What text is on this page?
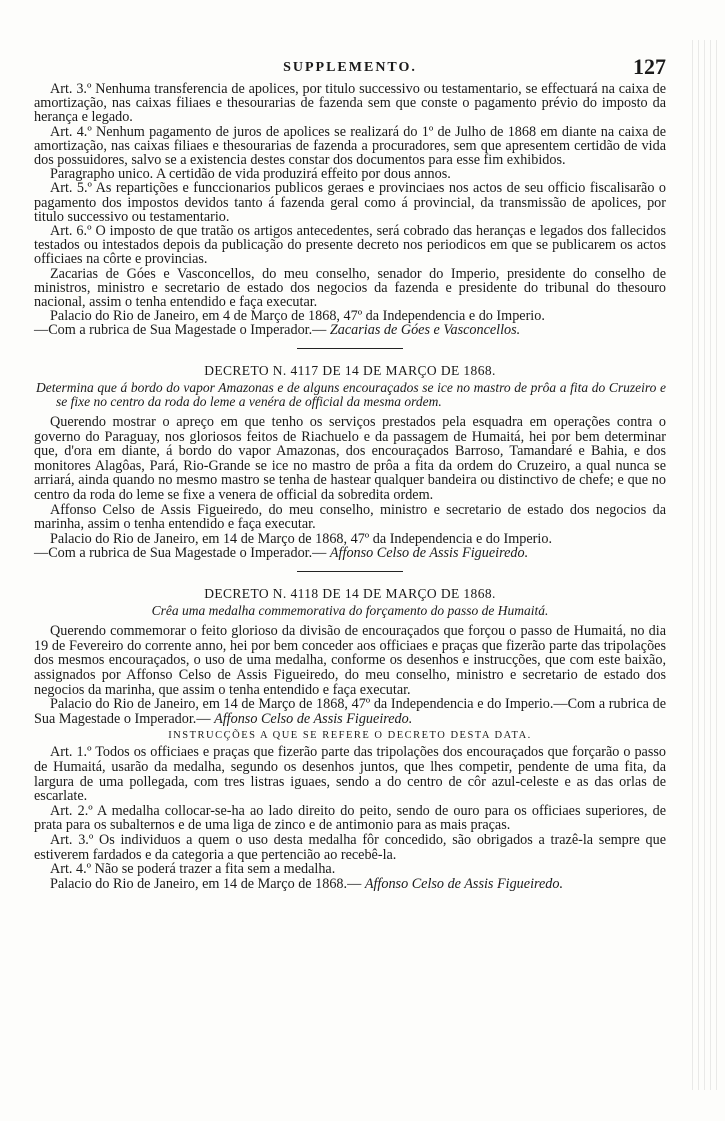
SUPPLEMENTO.	127

Art. 3.º Nenhuma transferencia de apolices, por titulo successivo ou testamentario, se effectuará na caixa de amortização, nas caixas filiaes e thesourarias de fazenda sem que conste o pagamento prévio do imposto da herança e legado.

Art. 4.º Nenhum pagamento de juros de apolices se realizará do 1º de Julho de 1868 em diante na caixa de amortização, nas caixas filiaes e thesourarias de fazenda a procuradores, sem que apresentem certidão de vida dos possuidores, salvo se a existencia destes constar dos documentos para esse fim exhibidos.

Paragrapho unico. A certidão de vida produzirá effeito por dous annos.

Art. 5.º As repartições e funccionarios publicos geraes e provinciaes nos actos de seu officio fiscalisarão o pagamento dos impostos devidos tanto á fazenda geral como á provincial, da transmissão de apolices, por titulo successivo ou testamentario.

Art. 6.º O imposto de que tratão os artigos antecedentes, será cobrado das heranças e legados dos fallecidos testados ou intestados depois da publicação do presente decreto nos periodicos em que se publicarem os actos officiaes na côrte e provincias.

Zacarias de Góes e Vasconcellos, do meu conselho, senador do Imperio, presidente do conselho de ministros, ministro e secretario de estado dos negocios da fazenda e presidente do tribunal do thesouro nacional, assim o tenha entendido e faça executar.

Palacio do Rio de Janeiro, em 4 de Março de 1868, 47º da Independencia e do Imperio.

—Com a rubrica de Sua Magestade o Imperador.— Zacarias de Góes e Vasconcellos.

DECRETO N. 4117 DE 14 DE MARÇO DE 1868.
Determina que á bordo do vapor Amazonas e de alguns encouraçados se ice no mastro de prôa a fita do Cruzeiro e se fixe no centro da roda do leme a venéra de official da mesma ordem.

Querendo mostrar o apreço em que tenho os serviços prestados pela esquadra em operações contra o governo do Paraguay, nos gloriosos feitos de Riachuelo e da passagem de Humaitá, hei por bem determinar que, d'ora em diante, á bordo do vapor Amazonas, dos encouraçados Barroso, Tamandaré e Bahia, e dos monitores Alagôas, Pará, Rio-Grande se ice no mastro de prôa a fita da ordem do Cruzeiro, a qual nunca se arriará, ainda quando no mesmo mastro se tenha de hastear qualquer bandeira ou distinctivo de chefe; e que no centro da roda do leme se fixe a venera de official da sobredita ordem.

Affonso Celso de Assis Figueiredo, do meu conselho, ministro e secretario de estado dos negocios da marinha, assim o tenha entendido e faça executar.

Palacio do Rio de Janeiro, em 14 de Março de 1868, 47º da Independencia e do Imperio.

—Com a rubrica de Sua Magestade o Imperador.— Affonso Celso de Assis Figueiredo.

DECRETO N. 4118 DE 14 DE MARÇO DE 1868.
Crêa uma medalha commemorativa do forçamento do passo de Humaitá.

Querendo commemorar o feito glorioso da divisão de encouraçados que forçou o passo de Humaitá, no dia 19 de Fevereiro do corrente anno, hei por bem conceder aos officiaes e praças que fizerão parte das tripolações dos mesmos encouraçados, o uso de uma medalha, conforme os desenhos e instrucções, que com este baixão, assignados por Affonso Celso de Assis Figueiredo, do meu conselho, ministro e secretario de estado dos negocios da marinha, que assim o tenha entendido e faça executar.

Palacio do Rio de Janeiro, em 14 de Março de 1868, 47º da Independencia e do Imperio.—Com a rubrica de Sua Magestade o Imperador.— Affonso Celso de Assis Figueiredo.

INSTRUCÇÕES A QUE SE REFERE O DECRETO DESTA DATA.

Art. 1.º Todos os officiaes e praças que fizerão parte das tripolações dos encouraçados que forçarão o passo de Humaitá, usarão da medalha, segundo os desenhos juntos, que lhes competir, pendente de uma fita, da largura de uma pollegada, com tres listras iguaes, sendo a do centro de côr azul-celeste e as das orlas de escarlate.

Art. 2.º A medalha collocar-se-ha ao lado direito do peito, sendo de ouro para os officiaes superiores, de prata para os subalternos e de uma liga de zinco e de antimonio para as mais praças.

Art. 3.º Os individuos a quem o uso desta medalha fôr concedido, são obrigados a trazê-la sempre que estiverem fardados e da categoria a que pertencião ao recebê-la.

Art. 4.º Não se poderá trazer a fita sem a medalha.

Palacio do Rio de Janeiro, em 14 de Março de 1868.— Affonso Celso de Assis Figueiredo.
